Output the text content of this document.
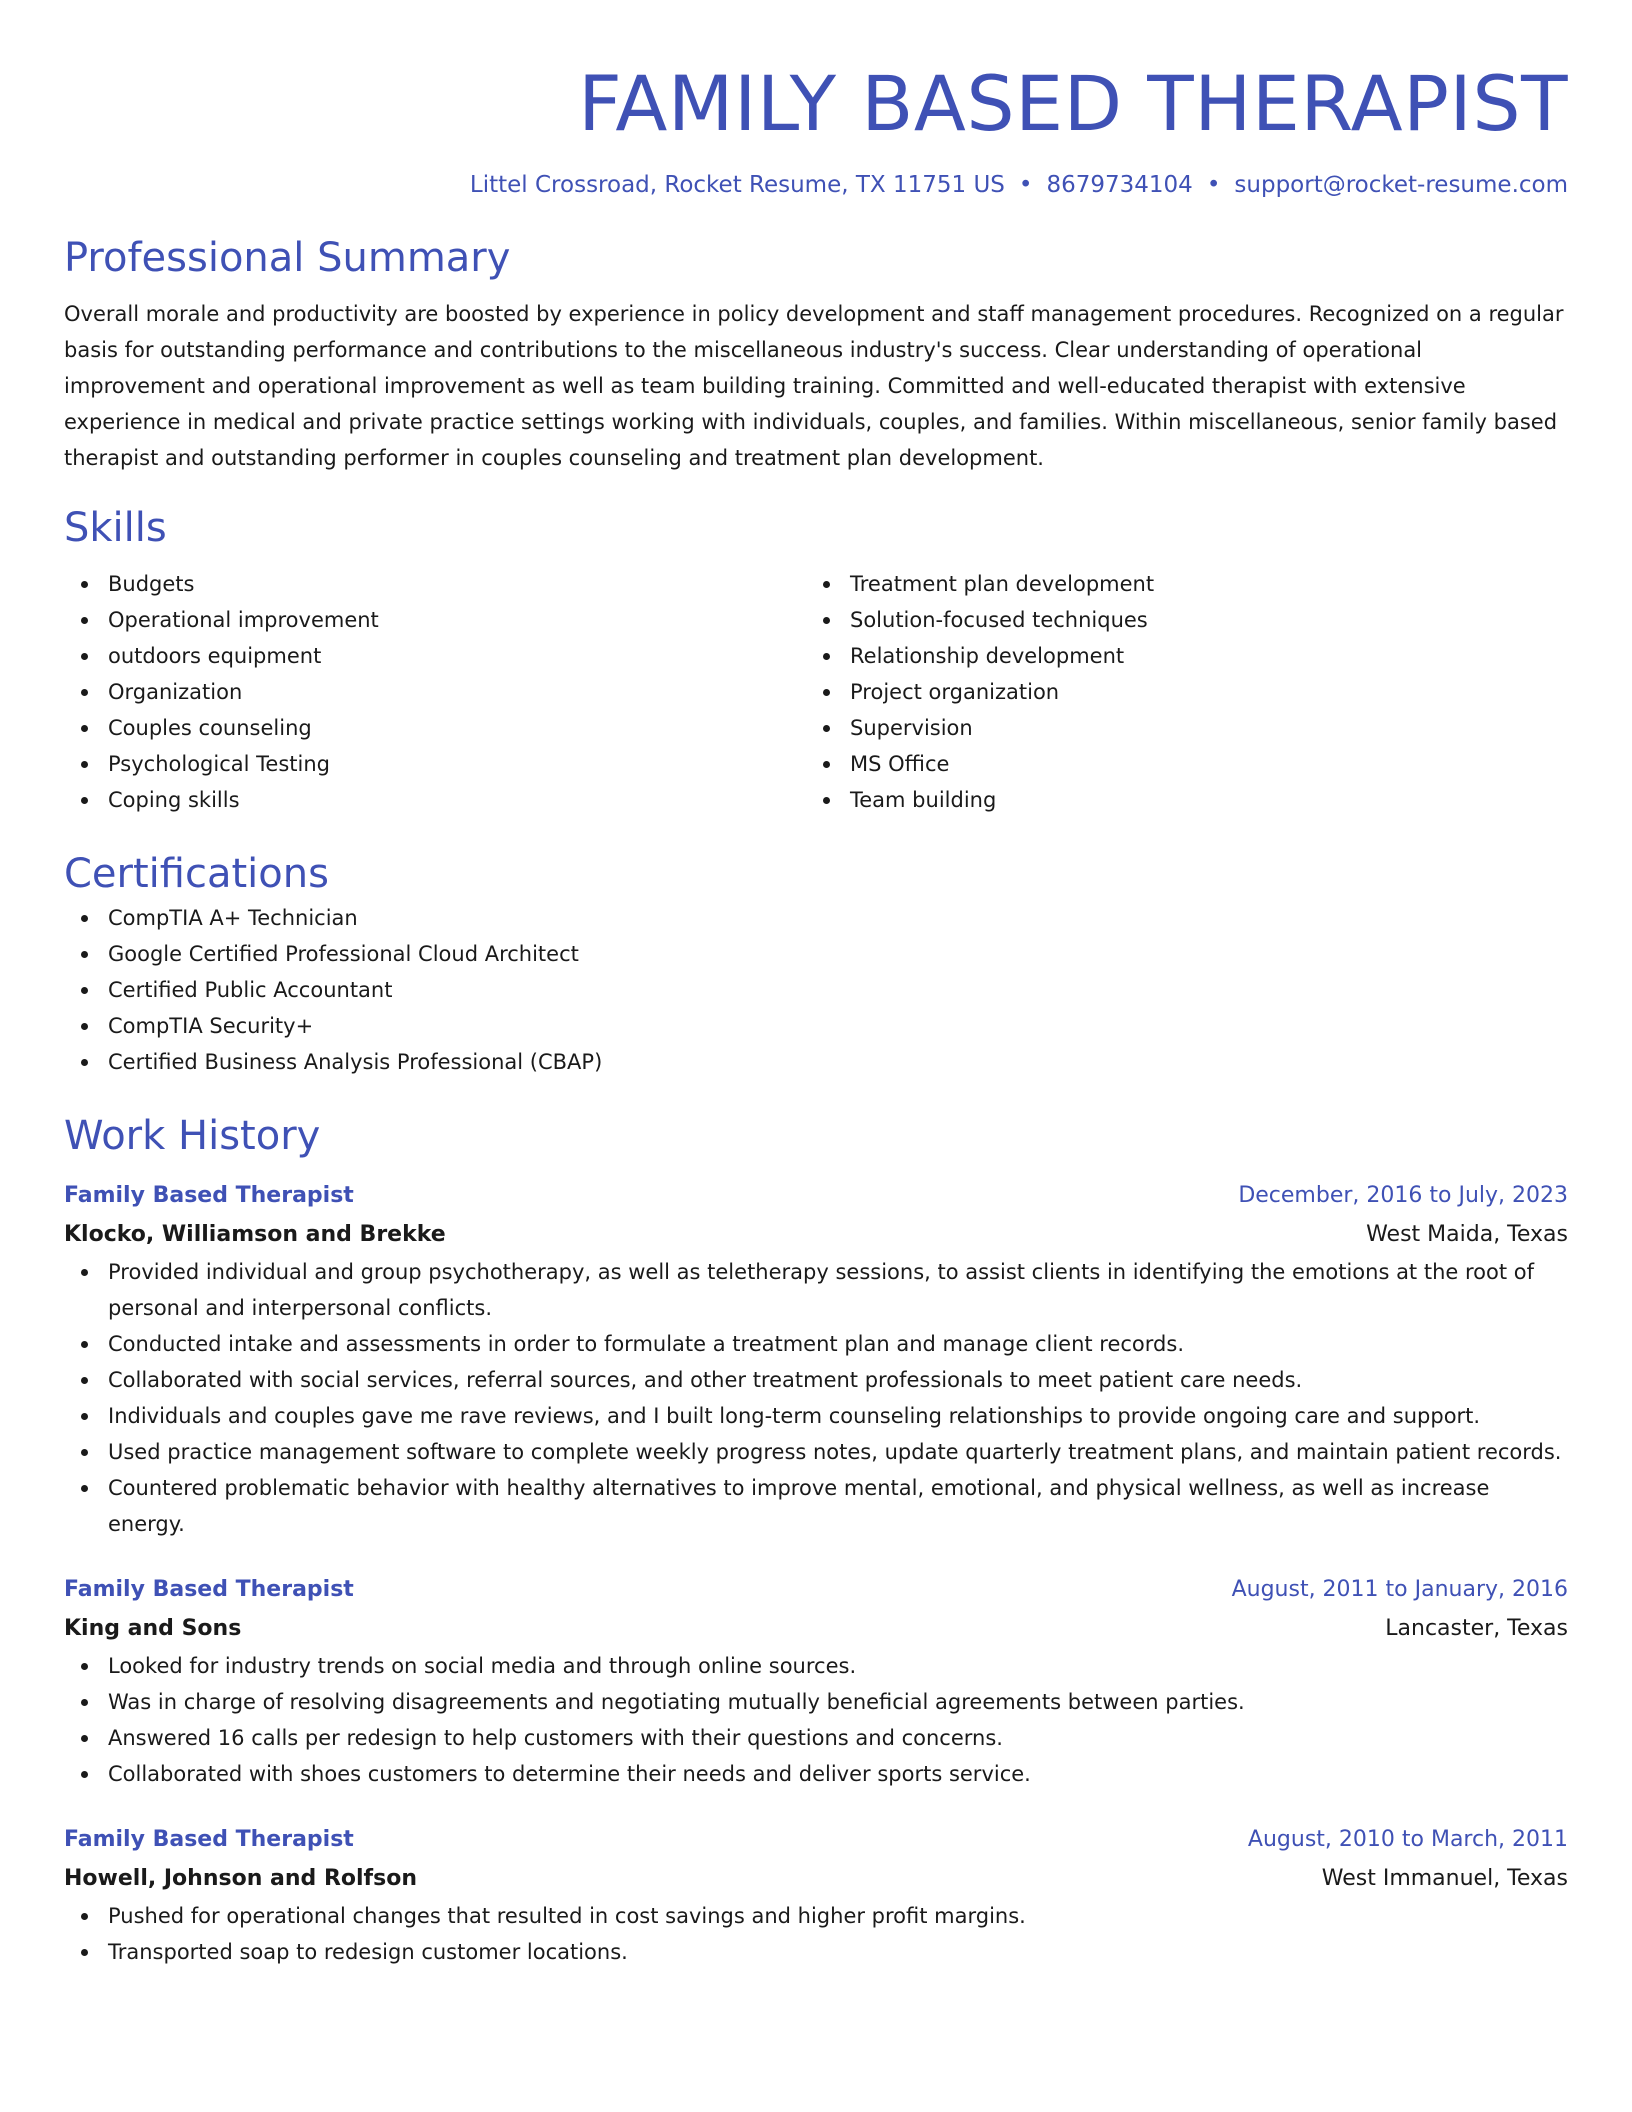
FAMILY BASED THERAPIST
Littel Crossroad, Rocket Resume, TX 11751 US • 8679734104 • support@rocket-resume.com
Professional Summary
Overall morale and productivity are boosted by experience in policy development and staff management procedures. Recognized on a regular basis for outstanding performance and contributions to the miscellaneous industry's success. Clear understanding of operational improvement and operational improvement as well as team building training. Committed and well-educated therapist with extensive experience in medical and private practice settings working with individuals, couples, and families. Within miscellaneous, senior family based therapist and outstanding performer in couples counseling and treatment plan development.
Skills
Budgets
Operational improvement
outdoors equipment
Organization
Couples counseling
Psychological Testing
Coping skills
Treatment plan development
Solution-focused techniques
Relationship development
Project organization
Supervision
MS Office
Team building
Certifications
CompTIA A+ Technician
Google Certified Professional Cloud Architect
Certified Public Accountant
CompTIA Security+
Certified Business Analysis Professional (CBAP)
Work History
Family Based Therapist	December, 2016 to July, 2023
Klocko, Williamson and Brekke	West Maida, Texas
Provided individual and group psychotherapy, as well as teletherapy sessions, to assist clients in identifying the emotions at the root of personal and interpersonal conflicts.
Conducted intake and assessments in order to formulate a treatment plan and manage client records.
Collaborated with social services, referral sources, and other treatment professionals to meet patient care needs.
Individuals and couples gave me rave reviews, and I built long-term counseling relationships to provide ongoing care and support.
Used practice management software to complete weekly progress notes, update quarterly treatment plans, and maintain patient records.
Countered problematic behavior with healthy alternatives to improve mental, emotional, and physical wellness, as well as increase energy.
Family Based Therapist	August, 2011 to January, 2016
King and Sons	Lancaster, Texas
Looked for industry trends on social media and through online sources.
Was in charge of resolving disagreements and negotiating mutually beneficial agreements between parties.
Answered 16 calls per redesign to help customers with their questions and concerns.
Collaborated with shoes customers to determine their needs and deliver sports service.
Family Based Therapist	August, 2010 to March, 2011
Howell, Johnson and Rolfson	West Immanuel, Texas
Pushed for operational changes that resulted in cost savings and higher profit margins.
Transported soap to redesign customer locations.
